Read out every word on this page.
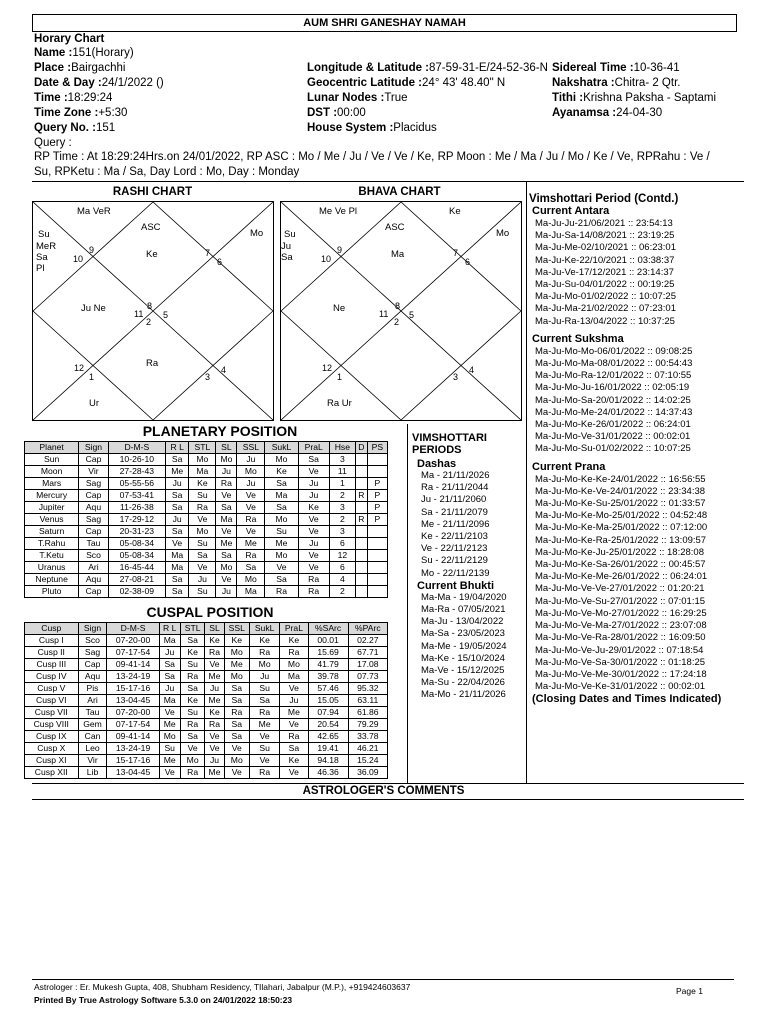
AUM SHRI GANESHAY NAMAH
Horary Chart
Name :151(Horary)
Place :Bairgachhi
Date & Day :24/1/2022 ()
Time :18:29:24
Time Zone :+5:30
Query No. :151
Longitude & Latitude :87-59-31-E/24-52-36-N
Geocentric Latitude :24° 43' 48.40" N
Lunar Nodes :True
DST :00:00
House System :Placidus
Sidereal Time :10-36-41
Nakshatra :Chitra- 2 Qtr.
Tithi :Krishna Paksha - Saptami
Ayanamsa :24-04-30
Query :
RP Time : At 18:29:24Hrs.on 24/01/2022, RP ASC : Mo / Me / Ju / Ve / Ve / Ke, RP Moon : Me / Ma / Ju / Mo / Ke / Ve, RPRahu : Ve /
Su, RPKetu : Ma / Sa, Day Lord : Mo, Day : Monday
RASHI CHART
Ma VeR
ASC
Mo
Su
MeR
Sa
Pl
Ke
Ju Ne
Ra
Ur
9
10
7
6
8
11
2
5
12
1	3
4
BHAVA CHART
Me Ve Pl	Ke
ASC
Mo
Su
Ju
Sa	Ma
Ne
Ra Ur
9
10
7
6
8
11
2
5
12
1	3
4
PLANETARY POSITION
Planet	Sign	D-M-S	R L	STL	SL	SSL	SukL	PraL	Hse	D	PS
Sun	Cap	10-26-10	Sa	Mo	Mo	Ju	Mo	Sa	3		
Moon	Vir	27-28-43	Me	Ma	Ju	Mo	Ke	Ve	11		
Mars	Sag	05-55-56	Ju	Ke	Ra	Ju	Sa	Ju	1		P
Mercury	Cap	07-53-41	Sa	Su	Ve	Ve	Ma	Ju	2	R	P
Jupiter	Aqu	11-26-38	Sa	Ra	Sa	Ve	Sa	Ke	3		P
Venus	Sag	17-29-12	Ju	Ve	Ma	Ra	Mo	Ve	2	R	P
Saturn	Cap	20-31-23	Sa	Mo	Ve	Ve	Su	Ve	3		
T.Rahu	Tau	05-08-34	Ve	Su	Me	Me	Me	Ju	6		
T.Ketu	Sco	05-08-34	Ma	Sa	Sa	Ra	Mo	Ve	12		
Uranus	Ari	16-45-44	Ma	Ve	Mo	Sa	Ve	Ve	6		
Neptune	Aqu	27-08-21	Sa	Ju	Ve	Mo	Sa	Ra	4		
Pluto	Cap	02-38-09	Sa	Su	Ju	Ma	Ra	Ra	2		
CUSPAL POSITION
Cusp	Sign	D-M-S	R L	STL	SL	SSL	SukL	PraL	%SArc	%PArc
Cusp I	Sco	07-20-00	Ma	Sa	Ke	Ke	Ke	Ke	00.01	02.27
Cusp II	Sag	07-17-54	Ju	Ke	Ra	Mo	Ra	Ra	15.69	67.71
Cusp III	Cap	09-41-14	Sa	Su	Ve	Me	Mo	Mo	41.79	17.08
Cusp IV	Aqu	13-24-19	Sa	Ra	Me	Mo	Ju	Ma	39.78	07.73
Cusp V	Pis	15-17-16	Ju	Sa	Ju	Sa	Su	Ve	57.46	95.32
Cusp VI	Ari	13-04-45	Ma	Ke	Me	Sa	Sa	Ju	15.05	63.11
Cusp VII	Tau	07-20-00	Ve	Su	Ke	Ra	Ra	Me	07.94	61.86
Cusp VIII	Gem	07-17-54	Me	Ra	Ra	Sa	Me	Ve	20.54	79.29
Cusp IX	Can	09-41-14	Mo	Sa	Ve	Sa	Ve	Ra	42.65	33.78
Cusp X	Leo	13-24-19	Su	Ve	Ve	Ve	Su	Sa	19.41	46.21
Cusp XI	Vir	15-17-16	Me	Mo	Ju	Mo	Ve	Ke	94.18	15.24
Cusp XII	Lib	13-04-45	Ve	Ra	Me	Ve	Ra	Ve	46.36	36.09
VIMSHOTTARI
PERIODS
Dashas
Ma - 21/11/2026
Ra - 21/11/2044
Ju - 21/11/2060
Sa - 21/11/2079
Me - 21/11/2096
Ke - 22/11/2103
Ve - 22/11/2123
Su - 22/11/2129
Mo - 22/11/2139
Current Bhukti
Ma-Ma - 19/04/2020
Ma-Ra - 07/05/2021
Ma-Ju - 13/04/2022
Ma-Sa - 23/05/2023
Ma-Me - 19/05/2024
Ma-Ke - 15/10/2024
Ma-Ve - 15/12/2025
Ma-Su - 22/04/2026
Ma-Mo - 21/11/2026
Vimshottari Period (Contd.)
Current Antara
Ma-Ju-Ju-21/06/2021 :: 23:54:13
Ma-Ju-Sa-14/08/2021 :: 23:19:25
Ma-Ju-Me-02/10/2021 :: 06:23:01
Ma-Ju-Ke-22/10/2021 :: 03:38:37
Ma-Ju-Ve-17/12/2021 :: 23:14:37
Ma-Ju-Su-04/01/2022 :: 00:19:25
Ma-Ju-Mo-01/02/2022 :: 10:07:25
Ma-Ju-Ma-21/02/2022 :: 07:23:01
Ma-Ju-Ra-13/04/2022 :: 10:37:25
Current Sukshma
Ma-Ju-Mo-Mo-06/01/2022 :: 09:08:25
Ma-Ju-Mo-Ma-08/01/2022 :: 00:54:43
Ma-Ju-Mo-Ra-12/01/2022 :: 07:10:55
Ma-Ju-Mo-Ju-16/01/2022 :: 02:05:19
Ma-Ju-Mo-Sa-20/01/2022 :: 14:02:25
Ma-Ju-Mo-Me-24/01/2022 :: 14:37:43
Ma-Ju-Mo-Ke-26/01/2022 :: 06:24:01
Ma-Ju-Mo-Ve-31/01/2022 :: 00:02:01
Ma-Ju-Mo-Su-01/02/2022 :: 10:07:25
Current Prana
Ma-Ju-Mo-Ke-Ke-24/01/2022 :: 16:56:55
Ma-Ju-Mo-Ke-Ve-24/01/2022 :: 23:34:38
Ma-Ju-Mo-Ke-Su-25/01/2022 :: 01:33:57
Ma-Ju-Mo-Ke-Mo-25/01/2022 :: 04:52:48
Ma-Ju-Mo-Ke-Ma-25/01/2022 :: 07:12:00
Ma-Ju-Mo-Ke-Ra-25/01/2022 :: 13:09:57
Ma-Ju-Mo-Ke-Ju-25/01/2022 :: 18:28:08
Ma-Ju-Mo-Ke-Sa-26/01/2022 :: 00:45:57
Ma-Ju-Mo-Ke-Me-26/01/2022 :: 06:24:01
Ma-Ju-Mo-Ve-Ve-27/01/2022 :: 01:20:21
Ma-Ju-Mo-Ve-Su-27/01/2022 :: 07:01:15
Ma-Ju-Mo-Ve-Mo-27/01/2022 :: 16:29:25
Ma-Ju-Mo-Ve-Ma-27/01/2022 :: 23:07:08
Ma-Ju-Mo-Ve-Ra-28/01/2022 :: 16:09:50
Ma-Ju-Mo-Ve-Ju-29/01/2022 :: 07:18:54
Ma-Ju-Mo-Ve-Sa-30/01/2022 :: 01:18:25
Ma-Ju-Mo-Ve-Me-30/01/2022 :: 17:24:18
Ma-Ju-Mo-Ve-Ke-31/01/2022 :: 00:02:01
(Closing Dates and Times Indicated)
ASTROLOGER'S COMMENTS
Astrologer : Er. Mukesh Gupta, 408, Shubham Residency, TIlahari, Jabalpur (M.P.), +919424603637
Printed By True Astrology Software 5.3.0 on 24/01/2022 18:50:23
Page 1
